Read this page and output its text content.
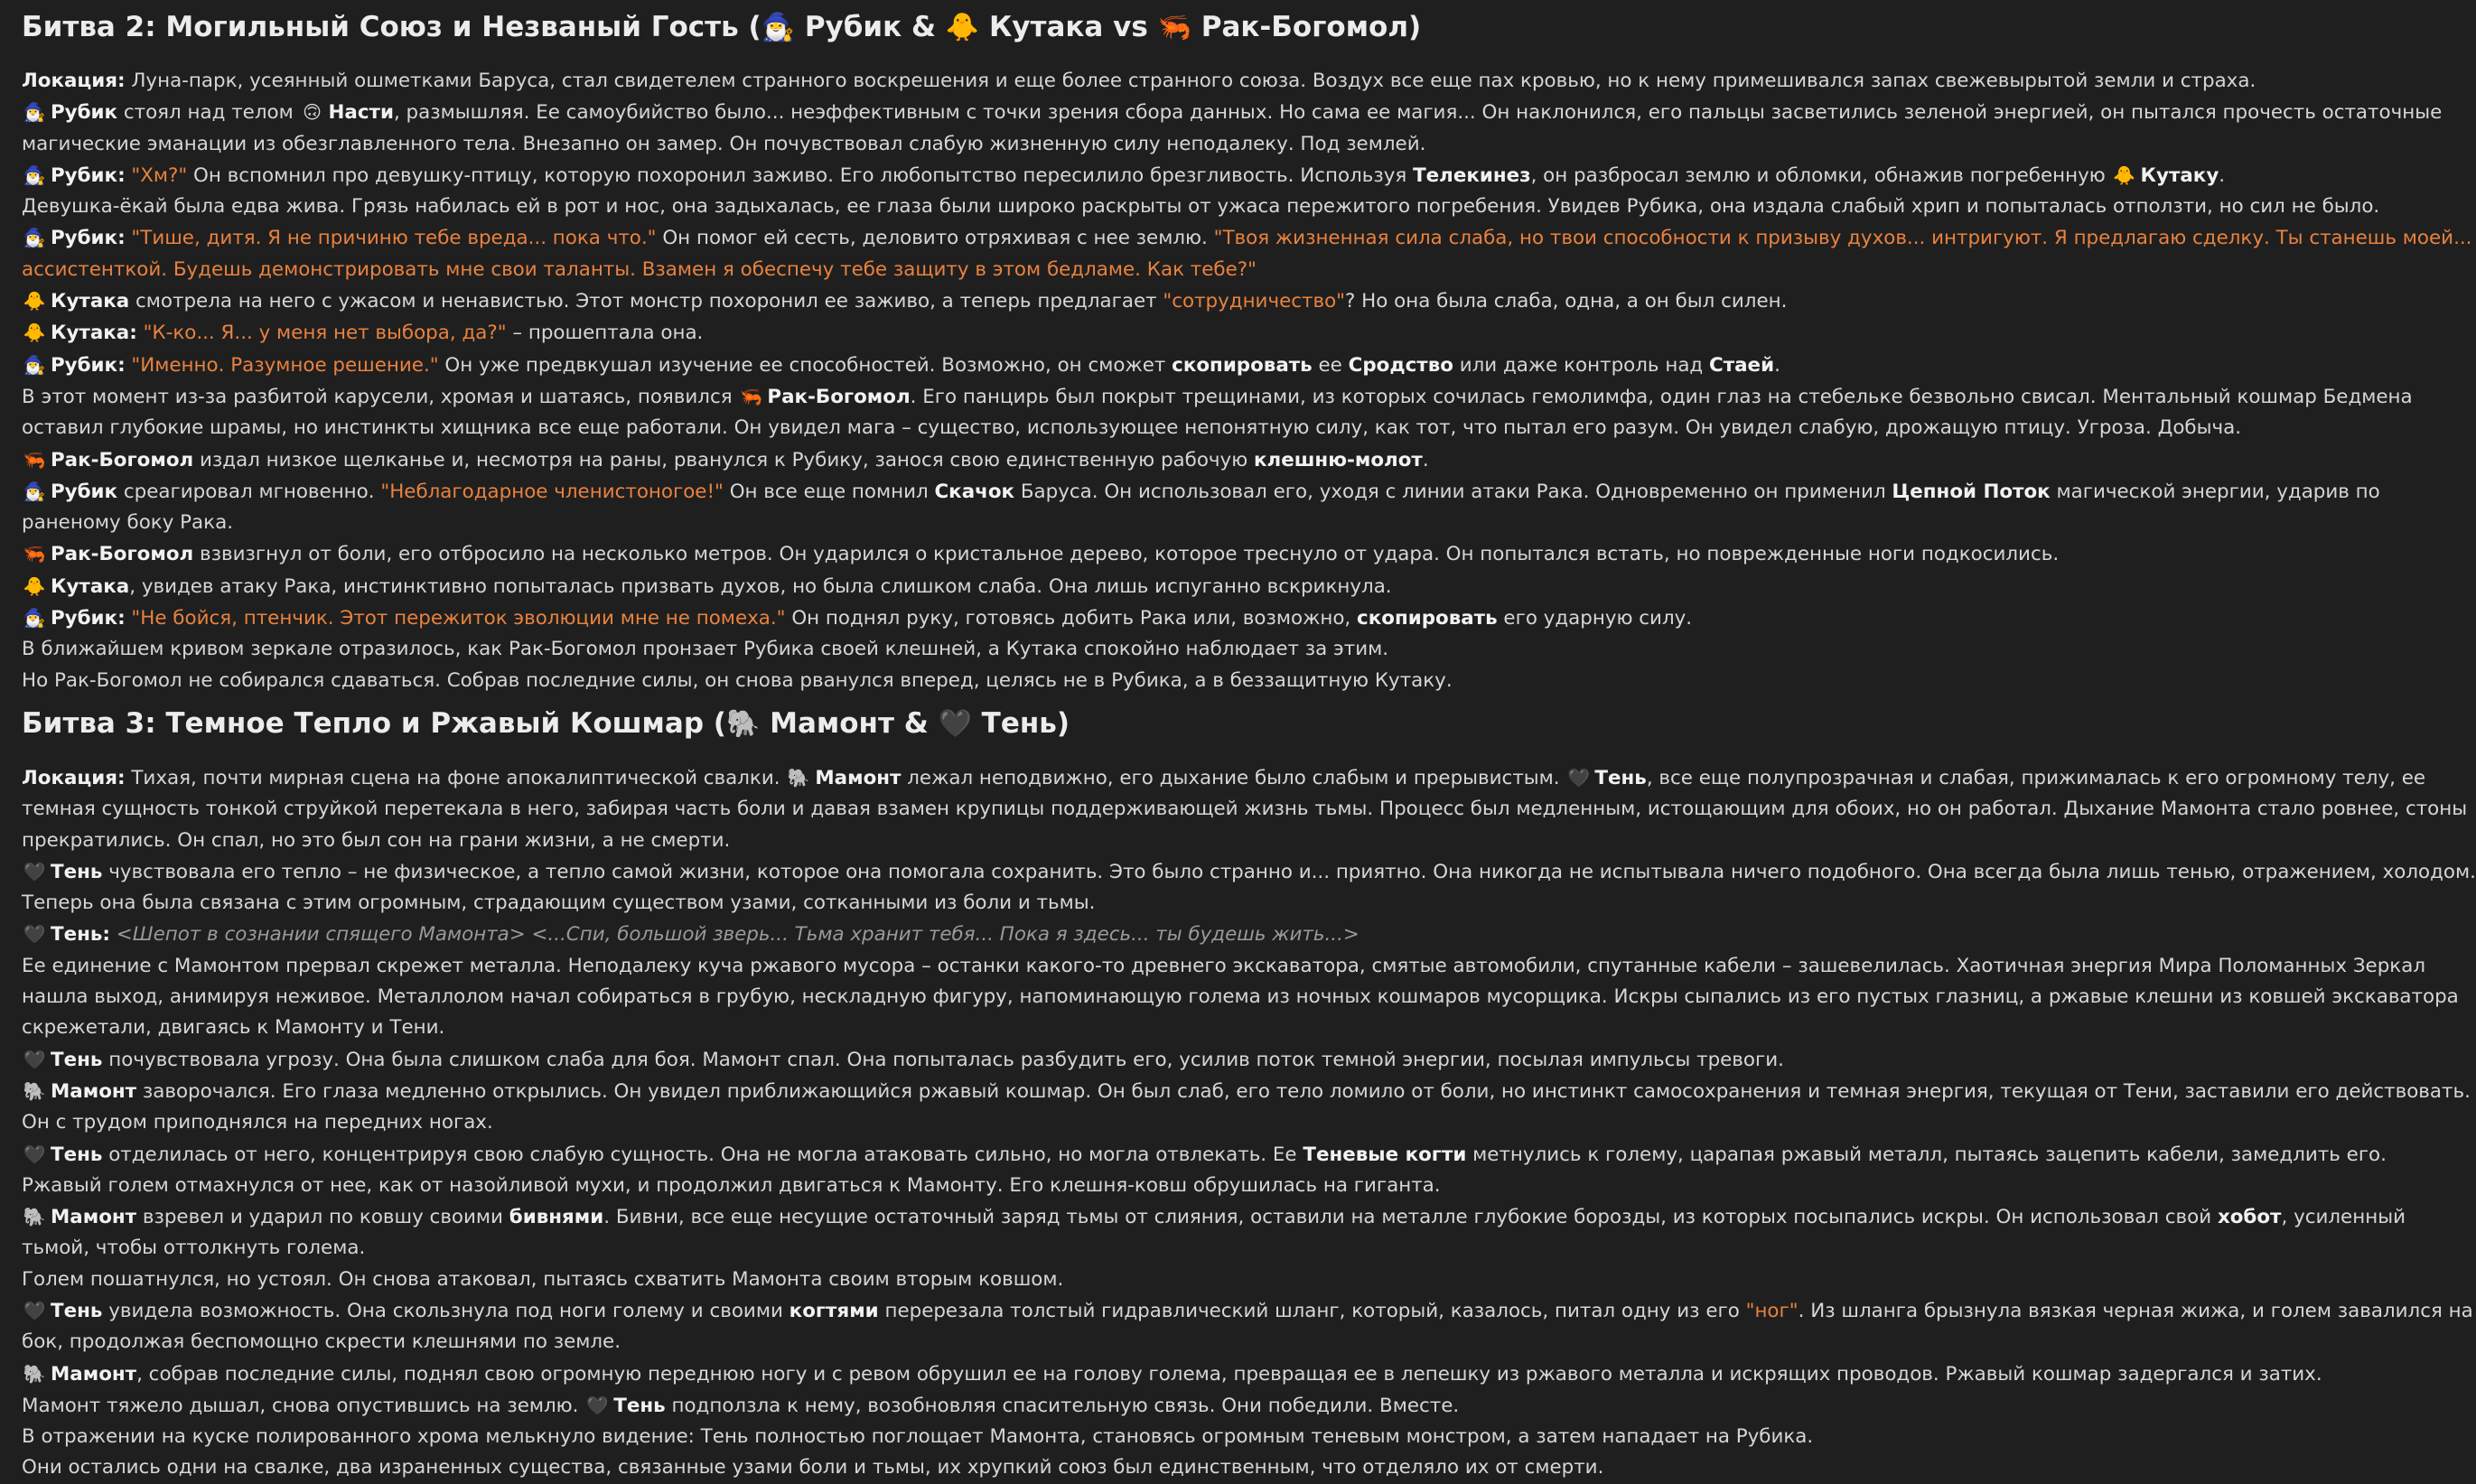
Битва 2: Могильный Союз и Незваный Гость (🧙‍♂️ Рубик & 🐥 Кутака vs 🦐 Рак-Богомол)

Локация: Луна-парк, усеянный ошметками Баруса, стал свидетелем странного воскрешения и еще более странного союза. Воздух все еще пах кровью, но к нему примешивался запах свежевырытой земли и страха.

🧙‍♂️ Рубик стоял над телом 🙃 Насти, размышляя. Ее самоубийство было... неэффективным с точки зрения сбора данных. Но сама ее магия... Он наклонился, его пальцы засветились зеленой энергией, он пытался прочесть остаточные

магические эманации из обезглавленного тела. Внезапно он замер. Он почувствовал слабую жизненную силу неподалеку. Под землей.

🧙‍♂️ Рубик: "Хм?" Он вспомнил про девушку-птицу, которую похоронил заживо. Его любопытство пересилило брезгливость. Используя Телекинез, он разбросал землю и обломки, обнажив погребенную 🐥 Кутаку.

Девушка-ёкай была едва жива. Грязь набилась ей в рот и нос, она задыхалась, ее глаза были широко раскрыты от ужаса пережитого погребения. Увидев Рубика, она издала слабый хрип и попыталась отползти, но сил не было.

🧙‍♂️ Рубик: "Тише, дитя. Я не причиню тебе вреда... пока что." Он помог ей сесть, деловито отряхивая с нее землю. "Твоя жизненная сила слаба, но твои способности к призыву духов... интригуют. Я предлагаю сделку. Ты станешь моей...

ассистенткой. Будешь демонстрировать мне свои таланты. Взамен я обеспечу тебе защиту в этом бедламе. Как тебе?"

🐥 Кутака смотрела на него с ужасом и ненавистью. Этот монстр похоронил ее заживо, а теперь предлагает "сотрудничество"? Но она была слаба, одна, а он был силен.

🐥 Кутака: "К-ко... Я... у меня нет выбора, да?" – прошептала она.

🧙‍♂️ Рубик: "Именно. Разумное решение." Он уже предвкушал изучение ее способностей. Возможно, он сможет скопировать ее Сродство или даже контроль над Стаей.

В этот момент из-за разбитой карусели, хромая и шатаясь, появился 🦐 Рак-Богомол. Его панцирь был покрыт трещинами, из которых сочилась гемолимфа, один глаз на стебельке безвольно свисал. Ментальный кошмар Бедмена

оставил глубокие шрамы, но инстинкты хищника все еще работали. Он увидел мага – существо, использующее непонятную силу, как тот, что пытал его разум. Он увидел слабую, дрожащую птицу. Угроза. Добыча.

🦐 Рак-Богомол издал низкое щелканье и, несмотря на раны, рванулся к Рубику, занося свою единственную рабочую клешню-молот.

🧙‍♂️ Рубик среагировал мгновенно. "Неблагодарное членистоногое!" Он все еще помнил Скачок Баруса. Он использовал его, уходя с линии атаки Рака. Одновременно он применил Цепной Поток магической энергии, ударив по

раненому боку Рака.

🦐 Рак-Богомол взвизгнул от боли, его отбросило на несколько метров. Он ударился о кристальное дерево, которое треснуло от удара. Он попытался встать, но поврежденные ноги подкосились.

🐥 Кутака, увидев атаку Рака, инстинктивно попыталась призвать духов, но была слишком слаба. Она лишь испуганно вскрикнула.

🧙‍♂️ Рубик: "Не бойся, птенчик. Этот пережиток эволюции мне не помеха." Он поднял руку, готовясь добить Рака или, возможно, скопировать его ударную силу.

В ближайшем кривом зеркале отразилось, как Рак-Богомол пронзает Рубика своей клешней, а Кутака спокойно наблюдает за этим.

Но Рак-Богомол не собирался сдаваться. Собрав последние силы, он снова рванулся вперед, целясь не в Рубика, а в беззащитную Кутаку.

Битва 3: Темное Тепло и Ржавый Кошмар (🐘 Мамонт & 🖤 Тень)

Локация: Тихая, почти мирная сцена на фоне апокалиптической свалки. 🐘 Мамонт лежал неподвижно, его дыхание было слабым и прерывистым. 🖤 Тень, все еще полупрозрачная и слабая, прижималась к его огромному телу, ее

темная сущность тонкой струйкой перетекала в него, забирая часть боли и давая взамен крупицы поддерживающей жизнь тьмы. Процесс был медленным, истощающим для обоих, но он работал. Дыхание Мамонта стало ровнее, стоны

прекратились. Он спал, но это был сон на грани жизни, а не смерти.

🖤 Тень чувствовала его тепло – не физическое, а тепло самой жизни, которое она помогала сохранить. Это было странно и... приятно. Она никогда не испытывала ничего подобного. Она всегда была лишь тенью, отражением, холодом.

Теперь она была связана с этим огромным, страдающим существом узами, сотканными из боли и тьмы.

🖤 Тень: <Шепот в сознании спящего Мамонта> <...Спи, большой зверь... Тьма хранит тебя... Пока я здесь... ты будешь жить...>

Ее единение с Мамонтом прервал скрежет металла. Неподалеку куча ржавого мусора – останки какого-то древнего экскаватора, смятые автомобили, спутанные кабели – зашевелилась. Хаотичная энергия Мира Поломанных Зеркал

нашла выход, анимируя неживое. Металлолом начал собираться в грубую, нескладную фигуру, напоминающую голема из ночных кошмаров мусорщика. Искры сыпались из его пустых глазниц, а ржавые клешни из ковшей экскаватора

скрежетали, двигаясь к Мамонту и Тени.

🖤 Тень почувствовала угрозу. Она была слишком слаба для боя. Мамонт спал. Она попыталась разбудить его, усилив поток темной энергии, посылая импульсы тревоги.

🐘 Мамонт заворочался. Его глаза медленно открылись. Он увидел приближающийся ржавый кошмар. Он был слаб, его тело ломило от боли, но инстинкт самосохранения и темная энергия, текущая от Тени, заставили его действовать.

Он с трудом приподнялся на передних ногах.

🖤 Тень отделилась от него, концентрируя свою слабую сущность. Она не могла атаковать сильно, но могла отвлекать. Ее Теневые когти метнулись к голему, царапая ржавый металл, пытаясь зацепить кабели, замедлить его.

Ржавый голем отмахнулся от нее, как от назойливой мухи, и продолжил двигаться к Мамонту. Его клешня-ковш обрушилась на гиганта.

🐘 Мамонт взревел и ударил по ковшу своими бивнями. Бивни, все еще несущие остаточный заряд тьмы от слияния, оставили на металле глубокие борозды, из которых посыпались искры. Он использовал свой хобот, усиленный

тьмой, чтобы оттолкнуть голема.

Голем пошатнулся, но устоял. Он снова атаковал, пытаясь схватить Мамонта своим вторым ковшом.

🖤 Тень увидела возможность. Она скользнула под ноги голему и своими когтями перерезала толстый гидравлический шланг, который, казалось, питал одну из его "ног". Из шланга брызнула вязкая черная жижа, и голем завалился на

бок, продолжая беспомощно скрести клешнями по земле.

🐘 Мамонт, собрав последние силы, поднял свою огромную переднюю ногу и с ревом обрушил ее на голову голема, превращая ее в лепешку из ржавого металла и искрящих проводов. Ржавый кошмар задергался и затих.

Мамонт тяжело дышал, снова опустившись на землю. 🖤 Тень подползла к нему, возобновляя спасительную связь. Они победили. Вместе.

В отражении на куске полированного хрома мелькнуло видение: Тень полностью поглощает Мамонта, становясь огромным теневым монстром, а затем нападает на Рубика.

Они остались одни на свалке, два израненных существа, связанные узами боли и тьмы, их хрупкий союз был единственным, что отделяло их от смерти.
